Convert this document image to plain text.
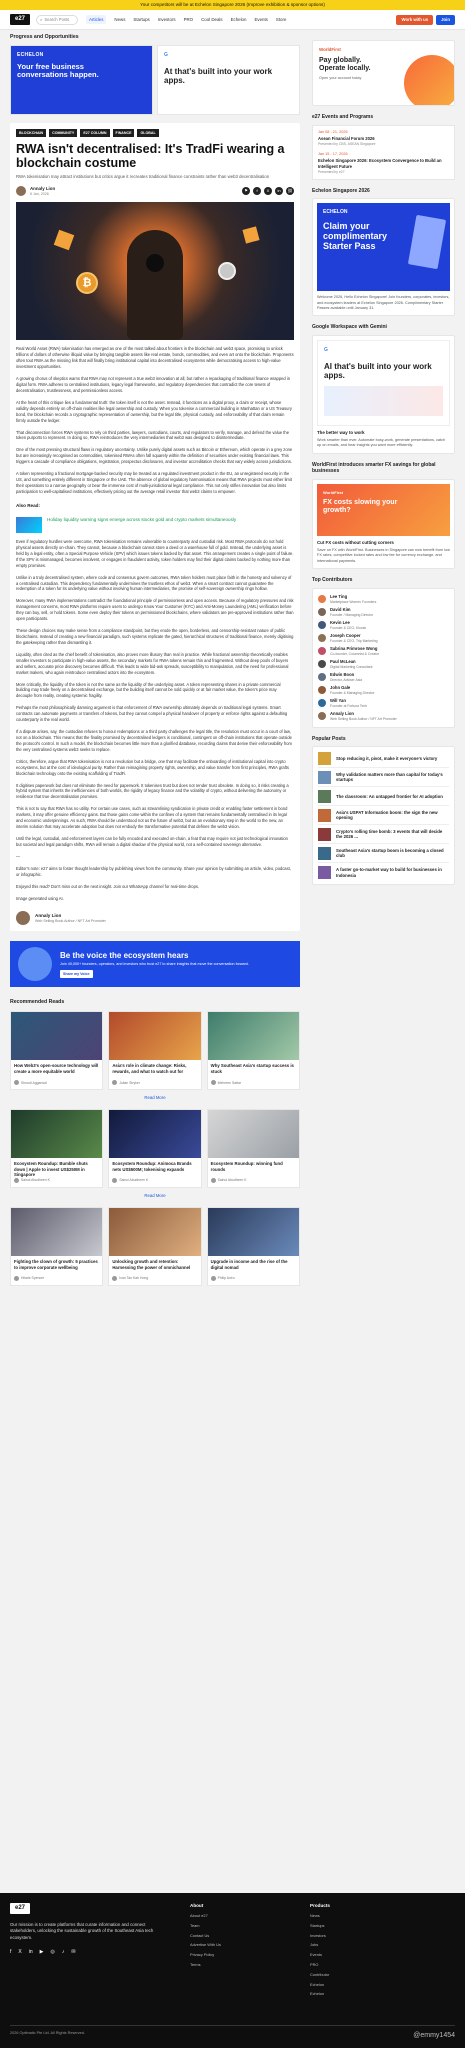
Your competitors will be at Echelon Singapore 2026 (Improve exhibition & sponsor options)
e27	⌕ Search Posts	Articles	News Startups Investors PRO Cool Deals Echelon Events Store	Work with us	Join
Progress and Opportunities
ECHELON
Your free business conversations happen.
G
At that's built into your work apps.
BLOCKCHAIN	COMMUNITY	E27 COLUMN	FINANCE	GLOBAL
RWA isn't decentralised: It's TradFi wearing a blockchain costume

RWA tokenisation may attract institutions but critics argue it recreates traditional finance constraints rather than web3 decentralisation

Annaly Lion
8 Jan, 2026
⚑	f	X	in	⛓
₿

Real World Asset (RWA) tokenisation has emerged as one of the most talked about frontiers in the blockchain and web3 space, promising to unlock trillions of dollars of otherwise illiquid value by bringing tangible assets like real estate, bonds, commodities, and even art onto the blockchain. Proponents often tout RWA as the missing link that will finally bring institutional capital into decentralised ecosystems while democratising access to high-value investment opportunities.

A growing chorus of skeptics warns that RWA may not represent a true web3 innovation at all, but rather a repackaging of traditional finance wrapped in digital form. RWA adheres to centralised institutions, legacy legal frameworks, and regulatory dependencies that contradict the core tenets of decentralisation, trustlessness, and permissionless access.

At the heart of this critique lies a fundamental truth: the token itself is not the asset. Instead, it functions as a digital proxy, a claim or receipt, whose validity depends entirely on off-chain realities like legal ownership and custody. When you tokenise a commercial building in Manhattan or a US Treasury bond, the blockchain records a cryptographic representation of ownership, but the legal title, physical custody, and enforceability of that claim remain firmly outside the ledger.

That disconnection forces RWA systems to rely on third parties, lawyers, custodians, courts, and regulators to verify, manage, and defend the value the token purports to represent. In doing so, RWA reintroduces the very intermediaries that web3 was designed to disintermediate.

One of the most pressing structural flaws is regulatory uncertainty. Unlike purely digital assets such as Bitcoin or Ethereum, which operate in a grey zone but are increasingly recognised as commodities, tokenised RWAs often fall squarely within the definition of securities under existing financial laws. This triggers a cascade of compliance obligations, registration, prospectus disclosures, and investor accreditation checks that vary widely across jurisdictions.

A token representing a fractional mortgage-backed security may be treated as a regulated investment product in the EU, an unregistered security in the US, and something entirely different in Singapore or the UAE. The absence of global regulatory harmonisation means that RWA projects must either limit their operations to a narrow geography or bear the immense cost of multi-jurisdictional legal compliance. This not only stifles innovation but also limits participation to well-capitalised institutions, effectively pricing out the average retail investor that web3 claims to empower.

Also Read:
Holiday liquidity warning signs emerge across stocks gold and crypto markets simultaneously

Even if regulatory hurdles were overcome, RWA tokenisation remains vulnerable to counterparty and custodial risk. Most RWA protocols do not hold physical assets directly on-chain. They cannot, because a blockchain cannot store a deed or a warehouse full of gold. Instead, the underlying asset is held by a legal entity, often a Special Purpose Vehicle (SPV) which issues tokens backed by that asset. This arrangement creates a single point of failure. If the SPV is mismanaged, becomes insolvent, or engages in fraudulent activity, token holders may find their digital claims backed by nothing more than empty promises.

Unlike in a truly decentralised system, where code and consensus govern outcomes, RWA token holders must place faith in the honesty and solvency of a centralised custodian. This dependency fundamentally undermines the trustless ethos of web3. When a smart contract cannot guarantee the redemption of a token for its underlying value without involving human intermediaries, the promise of self-sovereign ownership rings hollow.

Moreover, many RWA implementations contradict the foundational principle of permissionless and open access. Because of regulatory pressures and risk management concerns, most RWA platforms require users to undergo Know Your Customer (KYC) and Anti-Money Laundering (AML) verification before they can buy, sell, or hold tokens. Some even deploy their tokens on permissioned blockchains, where validators are pre-approved institutions rather than open participants.

These design choices may make sense from a compliance standpoint, but they erode the open, borderless, and censorship-resistant nature of public blockchains. Instead of creating a new financial paradigm, such systems replicate the gated, hierarchical structures of traditional finance, merely digitising the gatekeeping rather than dismantling it.

Liquidity, often cited as the chief benefit of tokenisation, also proves more illusory than real in practice. While fractional ownership theoretically enables smaller investors to participate in high-value assets, the secondary markets for RWA tokens remain thin and fragmented. Without deep pools of buyers and sellers, accurate price discovery becomes difficult. This leads to wide bid-ask spreads, susceptibility to manipulation, and the need for professional market makers, who again reintroduce centralised actors into the ecosystem.

More critically, the liquidity of the token is not the same as the liquidity of the underlying asset. A token representing shares in a private commercial building may trade freely on a decentralised exchange, but the building itself cannot be sold quickly or at fair market value, the token's price may decouple from reality, creating systemic fragility.

Perhaps the most philosophically damning argument is that enforcement of RWA ownership ultimately depends on traditional legal systems. Smart contracts can automate payments or transfers of tokens, but they cannot compel a physical handover of property or enforce rights against a defaulting counterparty in the real world.

If a dispute arises, say, the custodian refuses to honour redemptions or a third party challenges the legal title, the resolution must occur in a court of law, not on a blockchain. This means that the finality promised by decentralised ledgers is conditional, contingent on off-chain institutions that operate outside the protocol's control. In such a model, the blockchain becomes little more than a glorified database, recording claims that derive their enforceability from the very centralised systems web3 seeks to replace.

Critics, therefore, argue that RWA tokenisation is not a revolution but a bridge, one that may facilitate the onboarding of institutional capital into crypto ecosystems, but at the cost of ideological purity. Rather than reimagining property rights, ownership, and value transfer from first principles, RWA grafts blockchain technology onto the existing scaffolding of TradFi.

It digitises paperwork but does not eliminate the need for paperwork. It tokenises trust but does not render trust obsolete. In doing so, it risks creating a hybrid system that inherits the inefficiencies of both worlds, the rigidity of legacy finance and the volatility of crypto, without delivering the autonomy or resilience that true decentralisation promises.

This is not to say that RWA has no utility. For certain use cases, such as streamlining syndication in private credit or enabling faster settlement in bond markets, it may offer genuine efficiency gains. But those gains come within the confines of a system that remains fundamentally centralised in its legal and economic underpinnings. As such, RWA should be understood not as the future of web3, but as an evolutionary step in the world to the new, an interim solution that may accelerate adoption but does not embody the transformative potential that defines the web3 vision.

Until the legal, custodial, and enforcement layers can be fully encoded and executed on-chain, a feat that may require not just technological innovation but societal and legal paradigm shifts, RWA will remain a digital shadow of the physical world, not a self-contained sovereign alternative.

—

Editor's note: e27 aims to foster thought leadership by publishing views from the community. Share your opinion by submitting an article, video, podcast, or infographic.

Enjoyed this read? Don't miss out on the next insight. Join our WhatsApp channel for real-time drops.

Image generated using AI.

Annaly Lion
Web Selling Book Author / NFT Art Promoter
Be the voice the ecosystem hears
Join 40,000+ founders, operators, and investors who trust e27 to share insights that move the conversation forward.
Share my Voice
Recommended Reads
How Web3's open-source technology will create a more equitable world
Shrouti Aggarwal
Asia's role in climate change: Risks, rewards, and what to watch out for
Julian Stryker
Why Southeast Asia's startup success is stuck
Mehreen Sattar
Read More
Ecosystem Roundup: Bumble shuts down | Apple to invest US$250M in Singapore
Sainul Abudheen K
Ecosystem Roundup: Animoca Brands nets US$500M; tokenising expands
Sainul Abudheen K
Ecosystem Roundup: winning fund rounds
Sainul Abudheen K
Read More
Fighting the clown of growth: 5 practices to improve corporate wellbeing
Hilarie Spencer
Unlocking growth and retention: Harnessing the power of omnichannel
Ivan Tan Kah Hong
Upgrade in income and the rise of the digital nomad
Philip Aniru
WorldFirst
Pay globally. Operate locally.
Open your account today
e27 Events and Programs
Jan 08 - 21, 2026
Asean Financial Forum 2026
Presented by CBS, ASEAN Singapore
Jan 15 - 17, 2026
Echelon Singapore 2026: Ecosystem Convergence to Build an Intelligent Future
Presented by e27
Echelon Singapore 2026
ECHELON
Claim your complimentary Starter Pass
Welcome 2026, Hello Echelon Singapore! Join founders, corporates, investors, and ecosystem leaders at Echelon Singapore 2026. Complimentary Starter Passes available until January 31.
Google Workspace with Gemini
G
AI that's built into your work apps.
The better way to work
Work smarter than ever. Automate busy-work, generate presentations, catch up on emails, and hear insights you want more efficiently.
WorldFirst introduces smarter FX savings for global businesses
WorldFirst
FX costs slowing your growth?
Cut FX costs without cutting corners
Save on FX with WorldFirst. Businesses in Singapore can now benefit from low FX rates, competitive locked rates and low fee for currency exchange, and international payments.
Top Contributors
Lee Ting
Marketplace Women Founders
David Kim
Founder / Managing Director
Kevin Lee
Founder & CEO, Kioosk
Joseph Cooper
Founder & CEO, Trip Marketing
Sabrina Primrose Wong
Co-founder, Columnist & Creator
Paul McLean
Digital Marketing Consultant
Edwin Boon
Director, Adviser Asia
John Gale
Founder & Managing Director
Will Yan
Founder at Fortuna Tech
Annaly Lion
Web Selling Book Author / NFT Art Promoter
Popular Posts
Stop reducing it, pivot, make it everyone's victory
Why validation matters more than capital for today's startups
The classroom: An untapped frontier for AI adoption
Asia's USPAT Information boom: the sign the new opening
Crypto's rolling time bomb: 3 events that will decide the 2026 ...
Southeast Asia's startup boom is becoming a closed club
A faster go-to-market way to build for businesses in Indonesia
e27
Our mission is to create platforms that curate information and connect stakeholders, unlocking the sustainable growth of the Southeast Asia tech ecosystem.
f X in ▶ ◎ ♪ ✉
About
About e27
Team
Contact Us
Advertise With Us
Privacy Policy
Terms
Products
News
Startups
Investors
Jobs
Events
PRO
Contributor
Echelon
Echelon
2026 Optimatic Pte Ltd. All Rights Reserved.	@emmy1454
